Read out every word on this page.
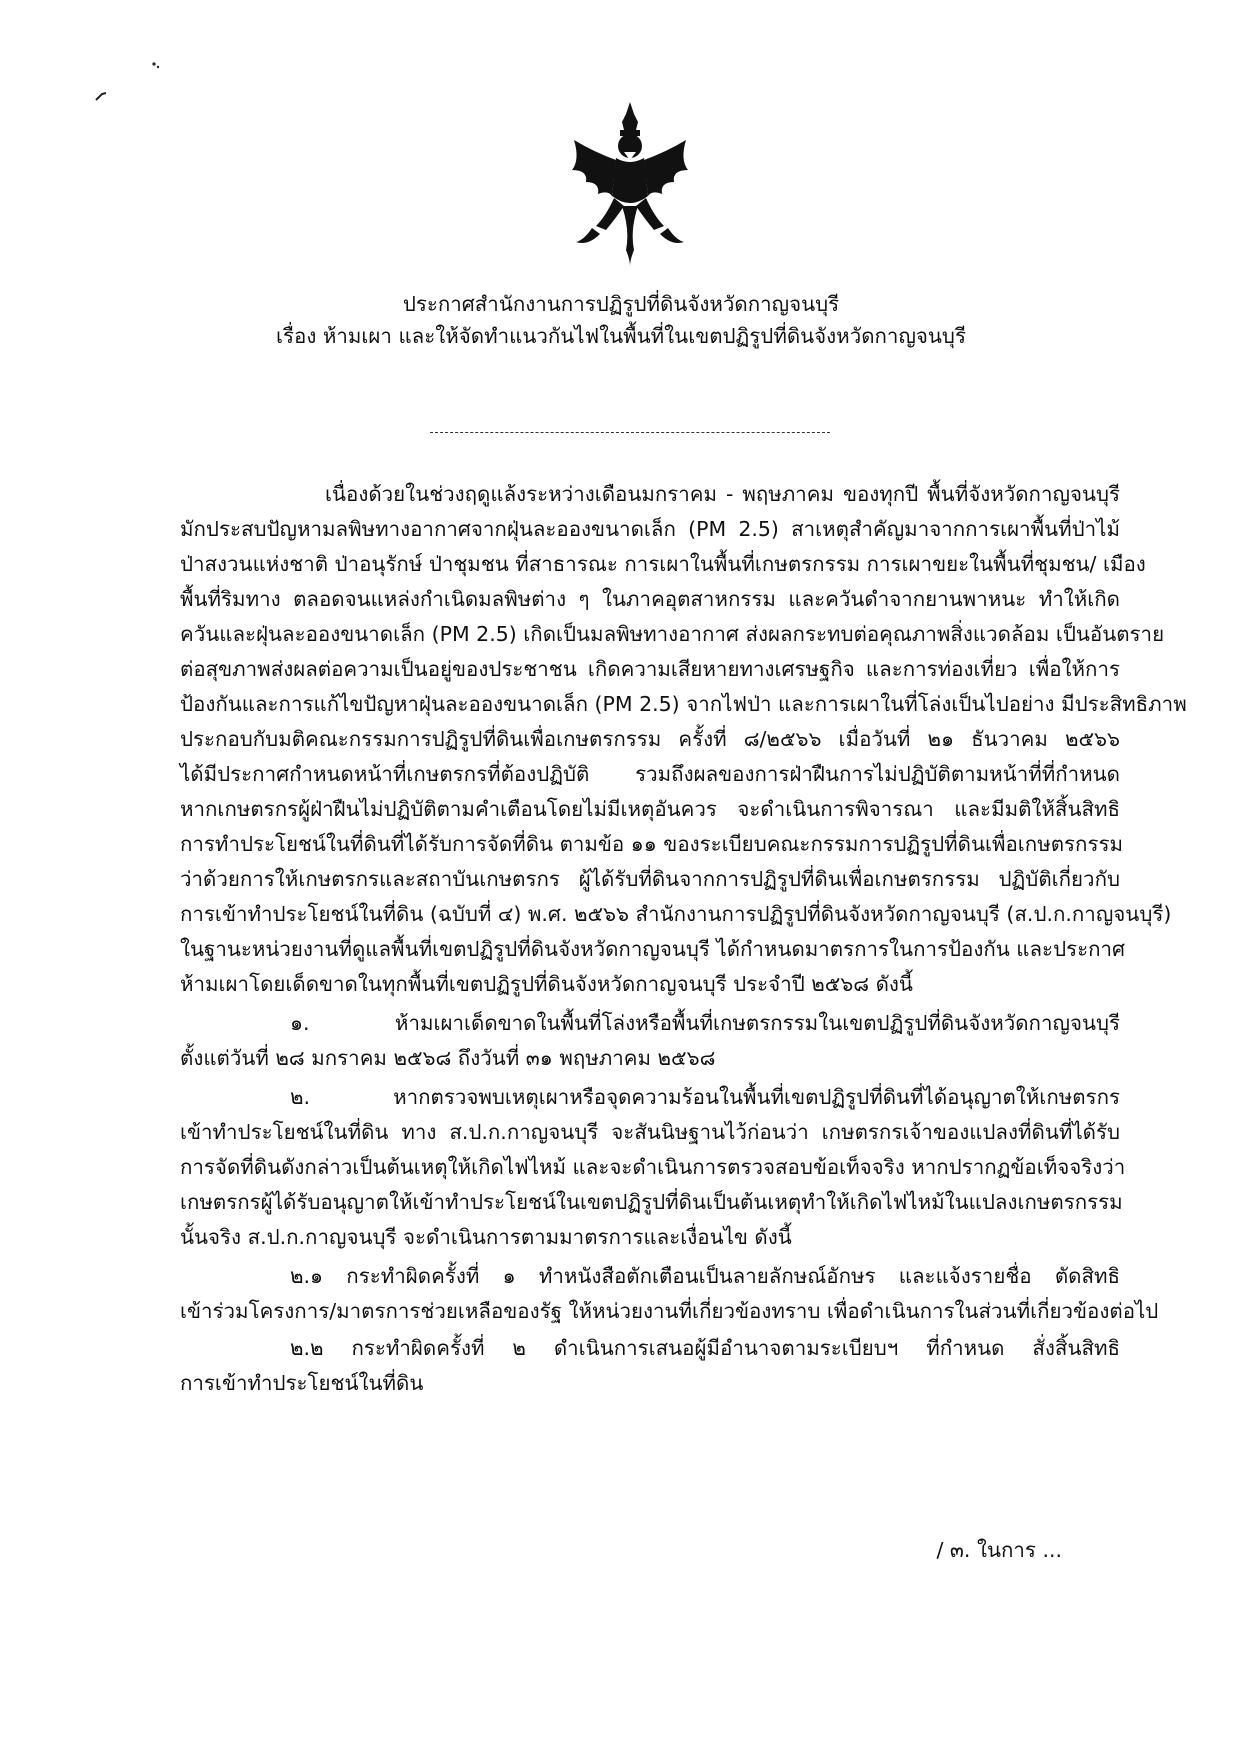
ประกาศสำนักงานการปฏิรูปที่ดินจังหวัดกาญจนบุรี
เรื่อง ห้ามเผา และให้จัดทำแนวกันไฟในพื้นที่ในเขตปฏิรูปที่ดินจังหวัดกาญจนบุรี
เนื่องด้วยในช่วงฤดูแล้งระหว่างเดือนมกราคม - พฤษภาคม ของทุกปี พื้นที่จังหวัดกาญจนบุรี
มักประสบปัญหามลพิษทางอากาศจากฝุ่นละอองขนาดเล็ก (PM 2.5) สาเหตุสำคัญมาจากการเผาพื้นที่ป่าไม้
ป่าสงวนแห่งชาติ ป่าอนุรักษ์ ป่าชุมชน ที่สาธารณะ การเผาในพื้นที่เกษตรกรรม การเผาขยะในพื้นที่ชุมชน/ เมือง
พื้นที่ริมทาง ตลอดจนแหล่งกำเนิดมลพิษต่าง ๆ ในภาคอุตสาหกรรม และควันดำจากยานพาหนะ ทำให้เกิด
ควันและฝุ่นละอองขนาดเล็ก (PM 2.5) เกิดเป็นมลพิษทางอากาศ ส่งผลกระทบต่อคุณภาพสิ่งแวดล้อม เป็นอันตราย
ต่อสุขภาพส่งผลต่อความเป็นอยู่ของประชาชน เกิดความเสียหายทางเศรษฐกิจ และการท่องเที่ยว เพื่อให้การ
ป้องกันและการแก้ไขปัญหาฝุ่นละอองขนาดเล็ก (PM 2.5) จากไฟป่า และการเผาในที่โล่งเป็นไปอย่าง มีประสิทธิภาพ
ประกอบกับมติคณะกรรมการปฏิรูปที่ดินเพื่อเกษตรกรรม ครั้งที่ ๘/๒๕๖๖ เมื่อวันที่ ๒๑ ธันวาคม ๒๕๖๖
ได้มีประกาศกำหนดหน้าที่เกษตรกรที่ต้องปฏิบัติ รวมถึงผลของการฝ่าฝืนการไม่ปฏิบัติตามหน้าที่ที่กำหนด
หากเกษตรกรผู้ฝ่าฝืนไม่ปฏิบัติตามคำเตือนโดยไม่มีเหตุอันควร จะดำเนินการพิจารณา และมีมติให้สิ้นสิทธิ
การทำประโยชน์ในที่ดินที่ได้รับการจัดที่ดิน ตามข้อ ๑๑ ของระเบียบคณะกรรมการปฏิรูปที่ดินเพื่อเกษตรกรรม
ว่าด้วยการให้เกษตรกรและสถาบันเกษตรกร ผู้ได้รับที่ดินจากการปฏิรูปที่ดินเพื่อเกษตรกรรม ปฏิบัติเกี่ยวกับ
การเข้าทำประโยชน์ในที่ดิน (ฉบับที่ ๔) พ.ศ. ๒๕๖๖ สำนักงานการปฏิรูปที่ดินจังหวัดกาญจนบุรี (ส.ป.ก.กาญจนบุรี)
ในฐานะหน่วยงานที่ดูแลพื้นที่เขตปฏิรูปที่ดินจังหวัดกาญจนบุรี ได้กำหนดมาตรการในการป้องกัน และประกาศ
ห้ามเผาโดยเด็ดขาดในทุกพื้นที่เขตปฏิรูปที่ดินจังหวัดกาญจนบุรี ประจำปี ๒๕๖๘ ดังนี้
๑. ห้ามเผาเด็ดขาดในพื้นที่โล่งหรือพื้นที่เกษตรกรรมในเขตปฏิรูปที่ดินจังหวัดกาญจนบุรี
ตั้งแต่วันที่ ๒๘ มกราคม ๒๕๖๘ ถึงวันที่ ๓๑ พฤษภาคม ๒๕๖๘
๒. หากตรวจพบเหตุเผาหรือจุดความร้อนในพื้นที่เขตปฏิรูปที่ดินที่ได้อนุญาตให้เกษตรกร
เข้าทำประโยชน์ในที่ดิน ทาง ส.ป.ก.กาญจนบุรี จะสันนิษฐานไว้ก่อนว่า เกษตรกรเจ้าของแปลงที่ดินที่ได้รับ
การจัดที่ดินดังกล่าวเป็นต้นเหตุให้เกิดไฟไหม้ และจะดำเนินการตรวจสอบข้อเท็จจริง หากปรากฏข้อเท็จจริงว่า
เกษตรกรผู้ได้รับอนุญาตให้เข้าทำประโยชน์ในเขตปฏิรูปที่ดินเป็นต้นเหตุทำให้เกิดไฟไหม้ในแปลงเกษตรกรรม
นั้นจริง ส.ป.ก.กาญจนบุรี จะดำเนินการตามมาตรการและเงื่อนไข ดังนี้
๒.๑ กระทำผิดครั้งที่ ๑ ทำหนังสือตักเตือนเป็นลายลักษณ์อักษร และแจ้งรายชื่อ ตัดสิทธิ
เข้าร่วมโครงการ/มาตรการช่วยเหลือของรัฐ ให้หน่วยงานที่เกี่ยวข้องทราบ เพื่อดำเนินการในส่วนที่เกี่ยวข้องต่อไป
๒.๒ กระทำผิดครั้งที่ ๒ ดำเนินการเสนอผู้มีอำนาจตามระเบียบฯ ที่กำหนด สั่งสิ้นสิทธิ
การเข้าทำประโยชน์ในที่ดิน
/ ๓. ในการ ...
